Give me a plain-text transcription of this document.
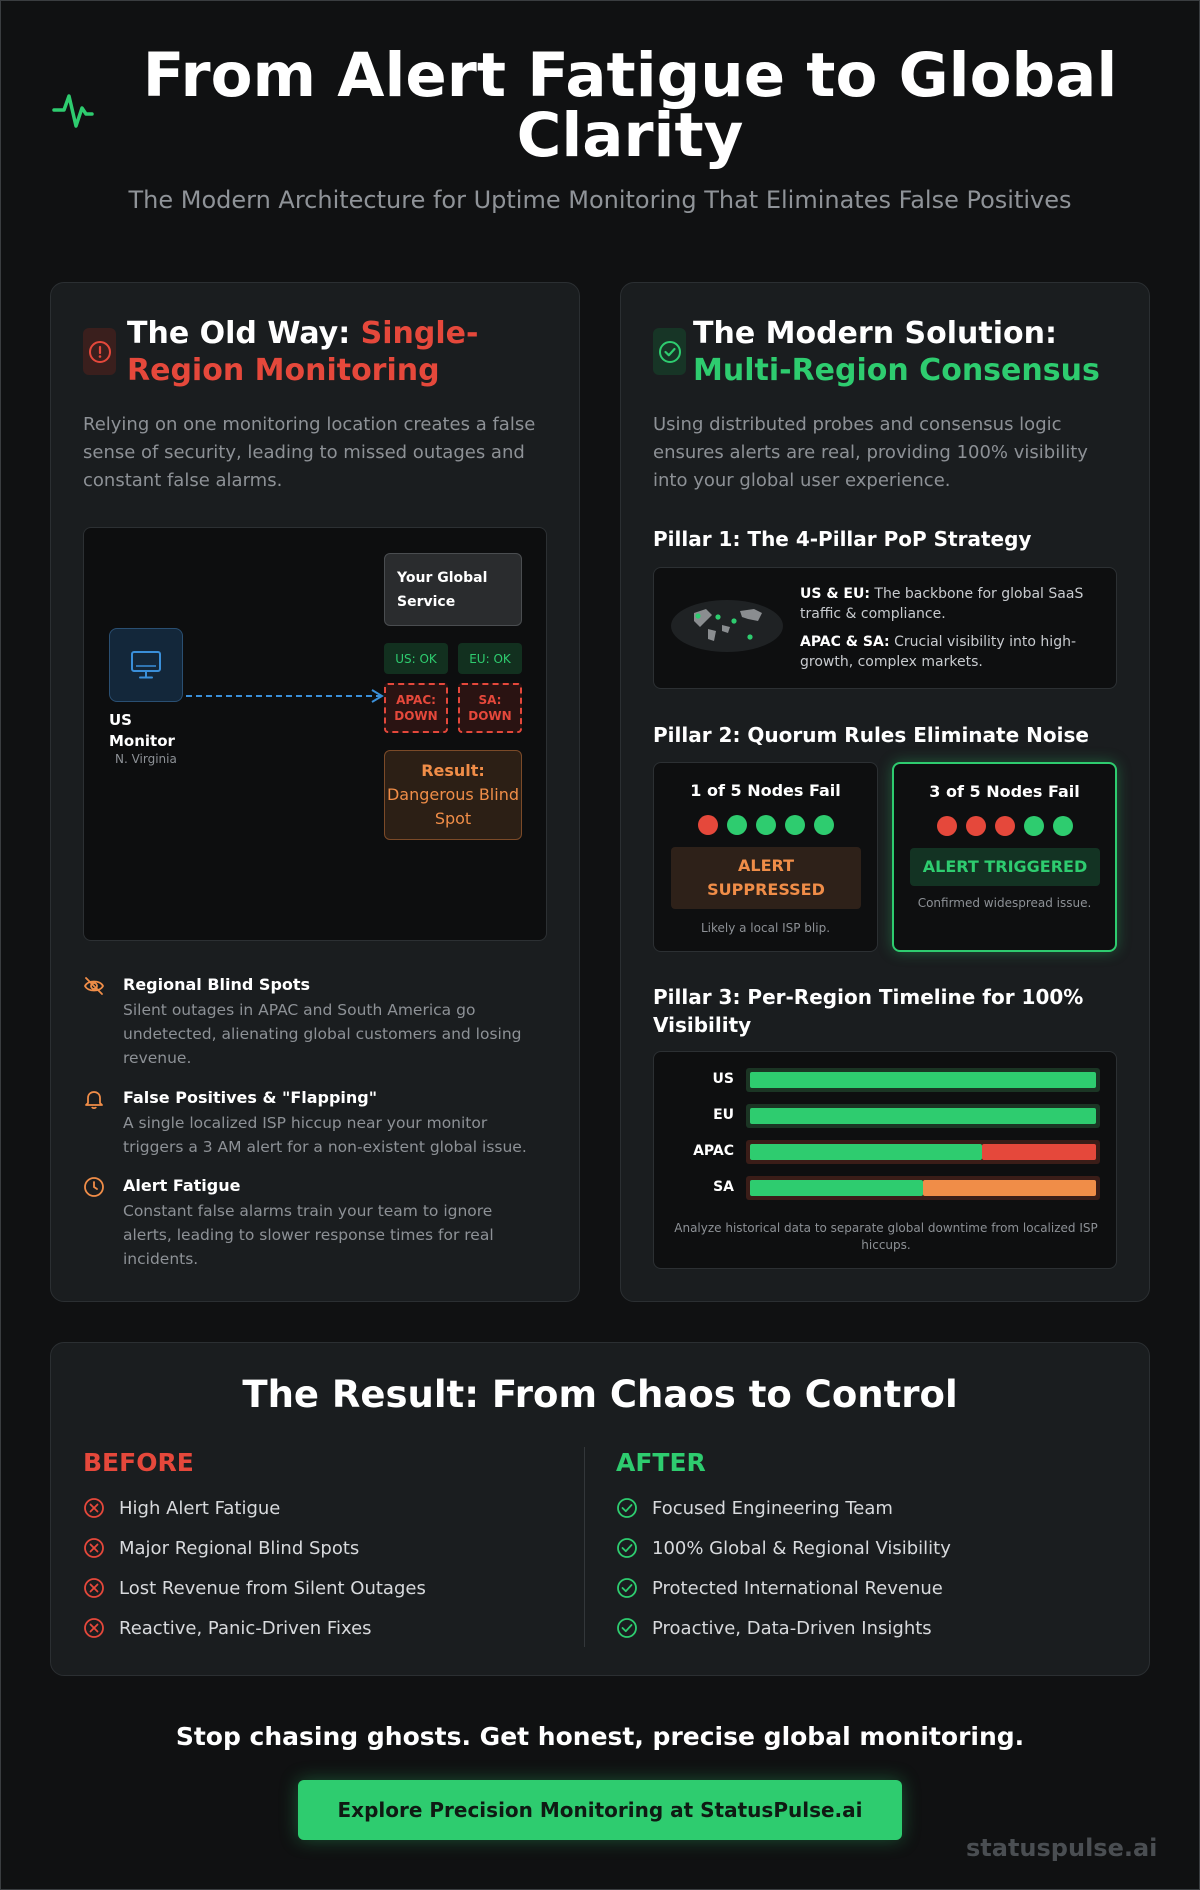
From Alert Fatigue to Global Clarity
The Modern Architecture for Uptime Monitoring That Eliminates False Positives
The Old Way: Single-Region Monitoring

Relying on one monitoring location creates a false sense of security, leading to missed outages and constant false alarms.

US Monitor
N. Virginia
Your Global Service
US: OK	EU: OK
APAC: DOWN
SA: DOWN
Result:
Dangerous Blind Spot
Regional Blind Spots
Silent outages in APAC and South America go undetected, alienating global customers and losing revenue.
False Positives & "Flapping"
A single localized ISP hiccup near your monitor triggers a 3 AM alert for a non-existent global issue.
Alert Fatigue
Constant false alarms train your team to ignore alerts, leading to slower response times for real incidents.
The Modern Solution:
Multi-Region Consensus

Using distributed probes and consensus logic ensures alerts are real, providing 100% visibility into your global user experience.

Pillar 1: The 4-Pillar PoP Strategy
US & EU: The backbone for global SaaS traffic & compliance.
APAC & SA: Crucial visibility into high-growth, complex markets.
Pillar 2: Quorum Rules Eliminate Noise
1 of 5 Nodes Fail
ALERT SUPPRESSED
Likely a local ISP blip.
3 of 5 Nodes Fail
ALERT TRIGGERED
Confirmed widespread issue.
Pillar 3: Per-Region Timeline for 100% Visibility
US
EU
APAC
SA
Analyze historical data to separate global downtime from localized ISP hiccups.
The Result: From Chaos to Control
BEFORE	AFTER
High Alert Fatigue
Major Regional Blind Spots
Lost Revenue from Silent Outages
Reactive, Panic-Driven Fixes
Focused Engineering Team
100% Global & Regional Visibility
Protected International Revenue
Proactive, Data-Driven Insights
Stop chasing ghosts. Get honest, precise global monitoring.
Explore Precision Monitoring at StatusPulse.ai
statuspulse.ai
